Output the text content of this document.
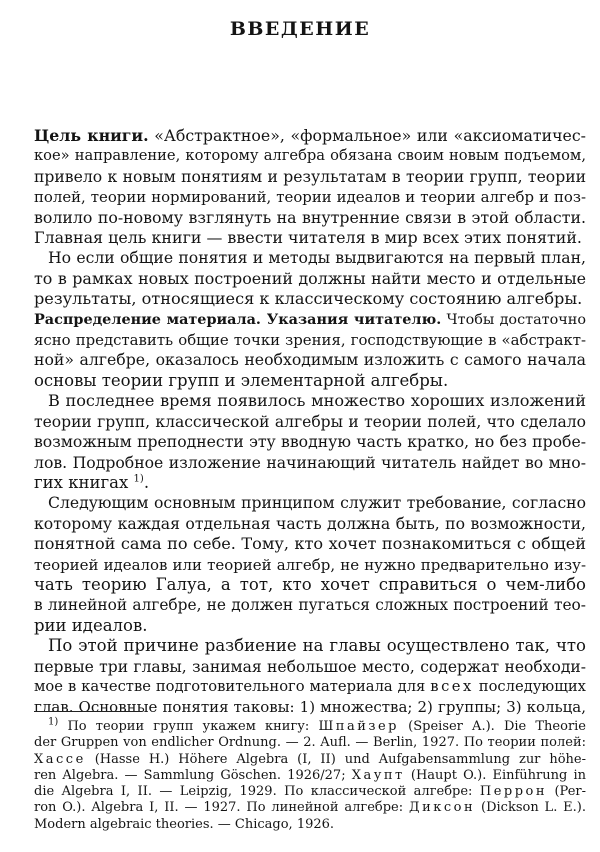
ВВЕДЕНИЕ
Цель книги. «Абстрактное», «формальное» или «аксиоматичес-
кое» направление, которому алгебра обязана своим новым подъемом,
привело к новым понятиям и результатам в теории групп, теории
полей, теории нормирований, теории идеалов и теории алгебр и поз-
волило по-новому взглянуть на внутренние связи в этой области.
Главная цель книги — ввести читателя в мир всех этих понятий.
Но если общие понятия и методы выдвигаются на первый план,
то в рамках новых построений должны найти место и отдельные
результаты, относящиеся к классическому состоянию алгебры.
Распределение материала. Указания читателю. Чтобы достаточно
ясно представить общие точки зрения, господствующие в «абстракт-
ной» алгебре, оказалось необходимым изложить с самого начала
основы теории групп и элементарной алгебры.
В последнее время появилось множество хороших изложений
теории групп, классической алгебры и теории полей, что сделало
возможным преподнести эту вводную часть кратко, но без пробе-
лов. Подробное изложение начинающий читатель найдет во мно-
гих книгах $^{1)}$.
Следующим основным принципом служит требование, согласно
которому каждая отдельная часть должна быть, по возможности,
понятной сама по себе. Тому, кто хочет познакомиться с общей
теорией идеалов или теорией алгебр, не нужно предварительно изу-
чать теорию Галуа, а тот, кто хочет справиться о чем-либо
в линейной алгебре, не должен пугаться сложных построений тео-
рии идеалов.
По этой причине разбиение на главы осуществлено так, что
первые три главы, занимая небольшое место, содержат необходи-
мое в качестве подготовительного материала для всех последующих
глав. Основные понятия таковы: 1) множества; 2) группы; 3) кольца,
$^{1)}$ По теории групп укажем книгу: Шпайзер (Speiser A.). Die Theorie
der Gruppen von endlicher Ordnung. — 2. Aufl. — Berlin, 1927. По теории полей:
Хассе (Hasse H.) Höhere Algebra (I, II) und Aufgabensammlung zur höhe-
ren Algebra. — Sammlung Göschen. 1926/27; Хаупт (Haupt O.). Einführung in
die Algebra I, II. — Leipzig, 1929. По классической алгебре: Перрон (Per-
ron O.). Algebra I, II. — 1927. По линейной алгебре: Диксон (Dickson L. E.).
Modern algebraic theories. — Chicago, 1926.
